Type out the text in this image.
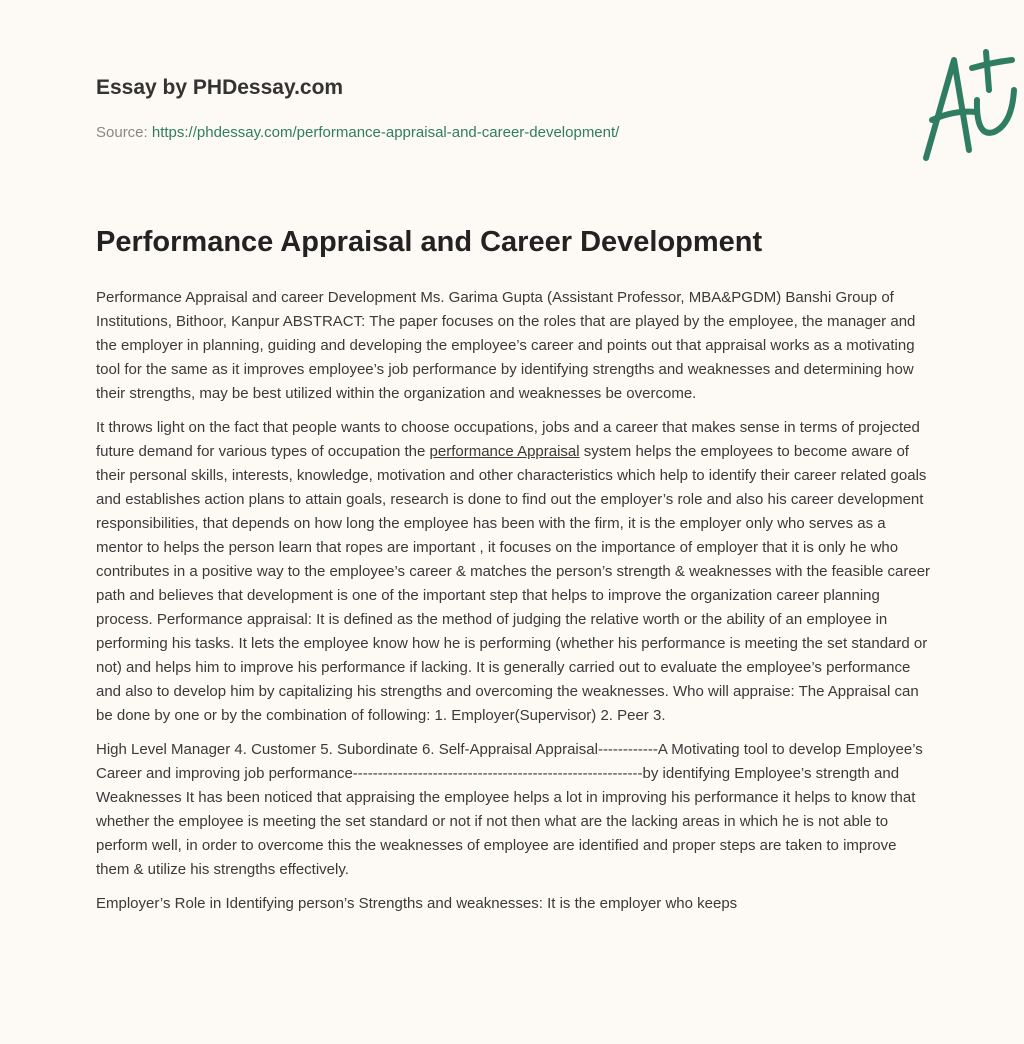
Essay by PHDessay.com
Source: https://phdessay.com/performance-appraisal-and-career-development/
Performance Appraisal and Career Development

Performance Appraisal and career Development Ms. Garima Gupta (Assistant Professor, MBA&PGDM) Banshi Group of Institutions, Bithoor, Kanpur ABSTRACT: The paper focuses on the roles that are played by the employee, the manager and the employer in planning, guiding and developing the employee’s career and points out that appraisal works as a motivating tool for the same as it improves employee’s job performance by identifying strengths and weaknesses and determining how their strengths, may be best utilized within the organization and weaknesses be overcome.

It throws light on the fact that people wants to choose occupations, jobs and a career that makes sense in terms of projected future demand for various types of occupation the performance Appraisal system helps the employees to become aware of their personal skills, interests, knowledge, motivation and other characteristics which help to identify their career related goals and establishes action plans to attain goals, research is done to find out the employer’s role and also his career development responsibilities, that depends on how long the employee has been with the firm, it is the employer only who serves as a mentor to helps the person learn that ropes are important , it focuses on the importance of employer that it is only he who contributes in a positive way to the employee’s career & matches the person’s strength & weaknesses with the feasible career path and believes that development is one of the important step that helps to improve the organization career planning process. Performance appraisal: It is defined as the method of judging the relative worth or the ability of an employee in performing his tasks. It lets the employee know how he is performing (whether his performance is meeting the set standard or not) and helps him to improve his performance if lacking. It is generally carried out to evaluate the employee’s performance and also to develop him by capitalizing his strengths and overcoming the weaknesses. Who will appraise: The Appraisal can be done by one or by the combination of following: 1. Employer(Supervisor) 2. Peer 3.

High Level Manager 4. Customer 5. Subordinate 6. Self-Appraisal Appraisal------------A Motivating tool to develop Employee’s Career and improving job performance----------------------------------------------------------by identifying Employee’s strength and Weaknesses It has been noticed that appraising the employee helps a lot in improving his performance it helps to know that whether the employee is meeting the set standard or not if not then what are the lacking areas in which he is not able to perform well, in order to overcome this the weaknesses of employee are identified and proper steps are taken to improve them & utilize his strengths effectively.

Employer’s Role in Identifying person’s Strengths and weaknesses: It is the employer who keeps
